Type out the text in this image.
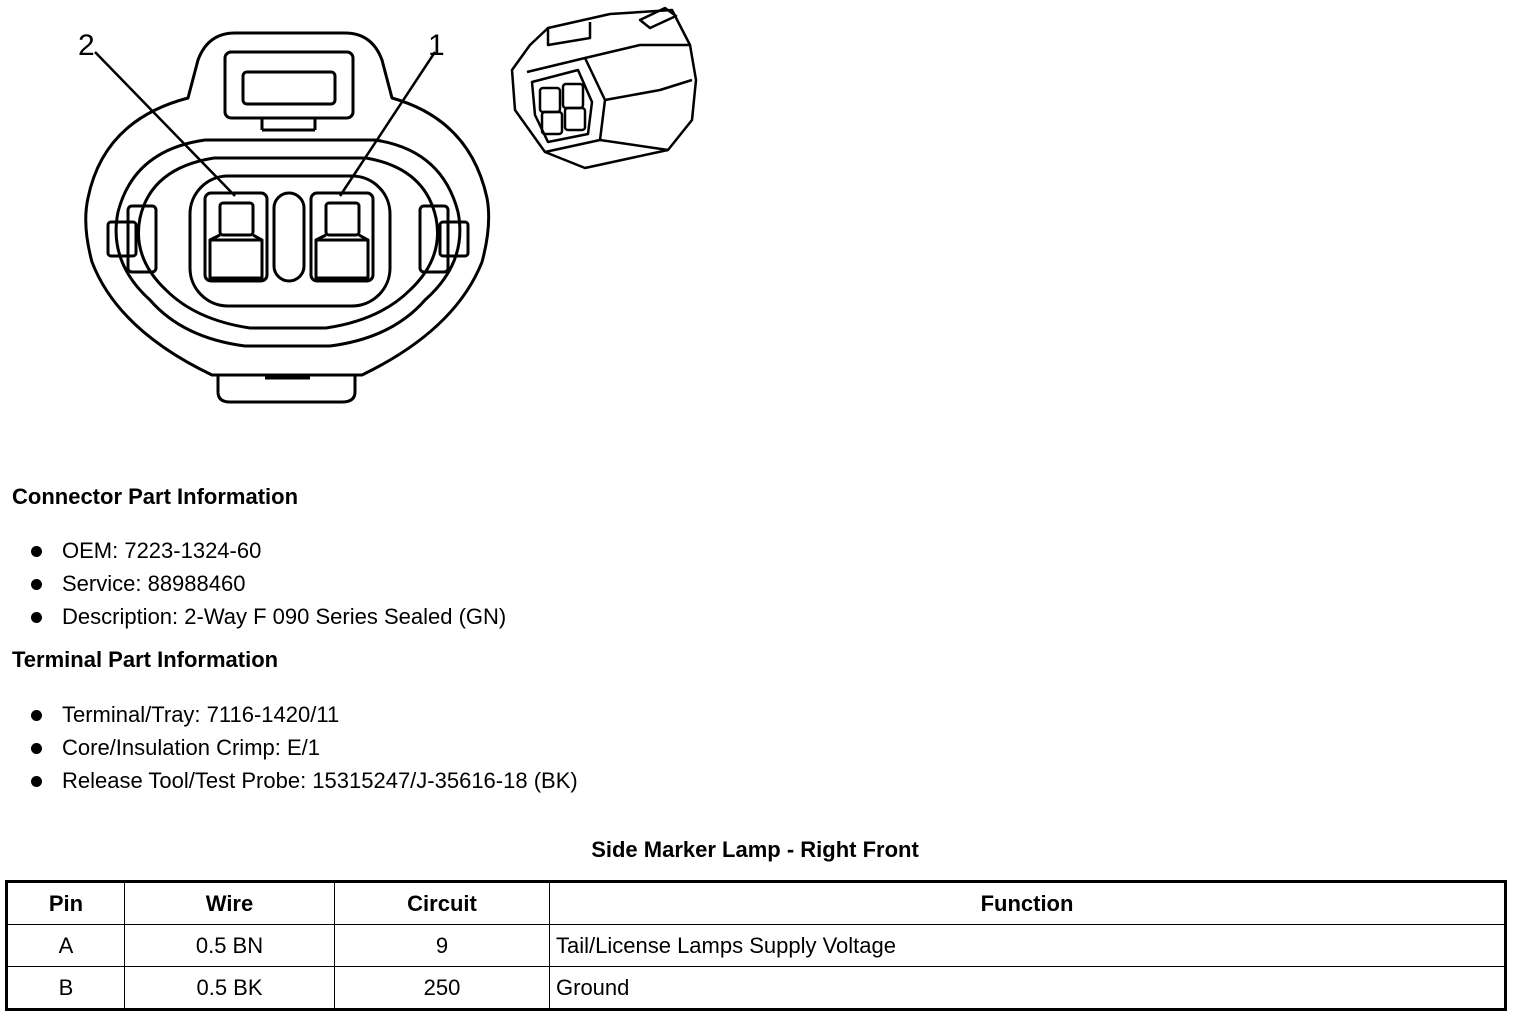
2	1
Connector Part Information
OEM: 7223-1324-60
Service: 88988460
Description: 2-Way F 090 Series Sealed (GN)
Terminal Part Information
Terminal/Tray: 7116-1420/11
Core/Insulation Crimp: E/1
Release Tool/Test Probe: 15315247/J-35616-18 (BK)
Side Marker Lamp - Right Front
Pin	Wire	Circuit	Function
A	0.5 BN	9	Tail/License Lamps Supply Voltage
B	0.5 BK	250	Ground
